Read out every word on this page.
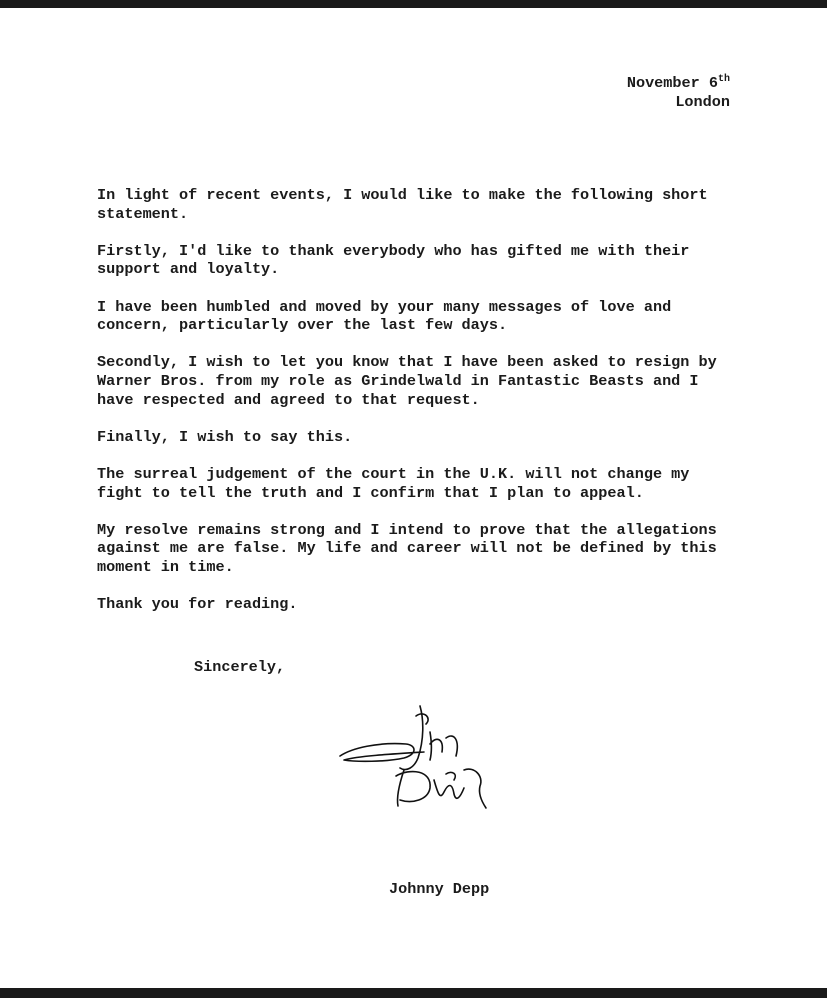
November 6th
London
In light of recent events, I would like to make the following short
statement.
Firstly, I'd like to thank everybody who has gifted me with their
support and loyalty.
I have been humbled and moved by your many messages of love and
concern, particularly over the last few days.
Secondly, I wish to let you know that I have been asked to resign by
Warner Bros. from my role as Grindelwald in Fantastic Beasts and I
have respected and agreed to that request.
Finally, I wish to say this.
The surreal judgement of the court in the U.K. will not change my
fight to tell the truth and I confirm that I plan to appeal.
My resolve remains strong and I intend to prove that the allegations
against me are false. My life and career will not be defined by this
moment in time.
Thank you for reading.
Sincerely,
Johnny Depp
